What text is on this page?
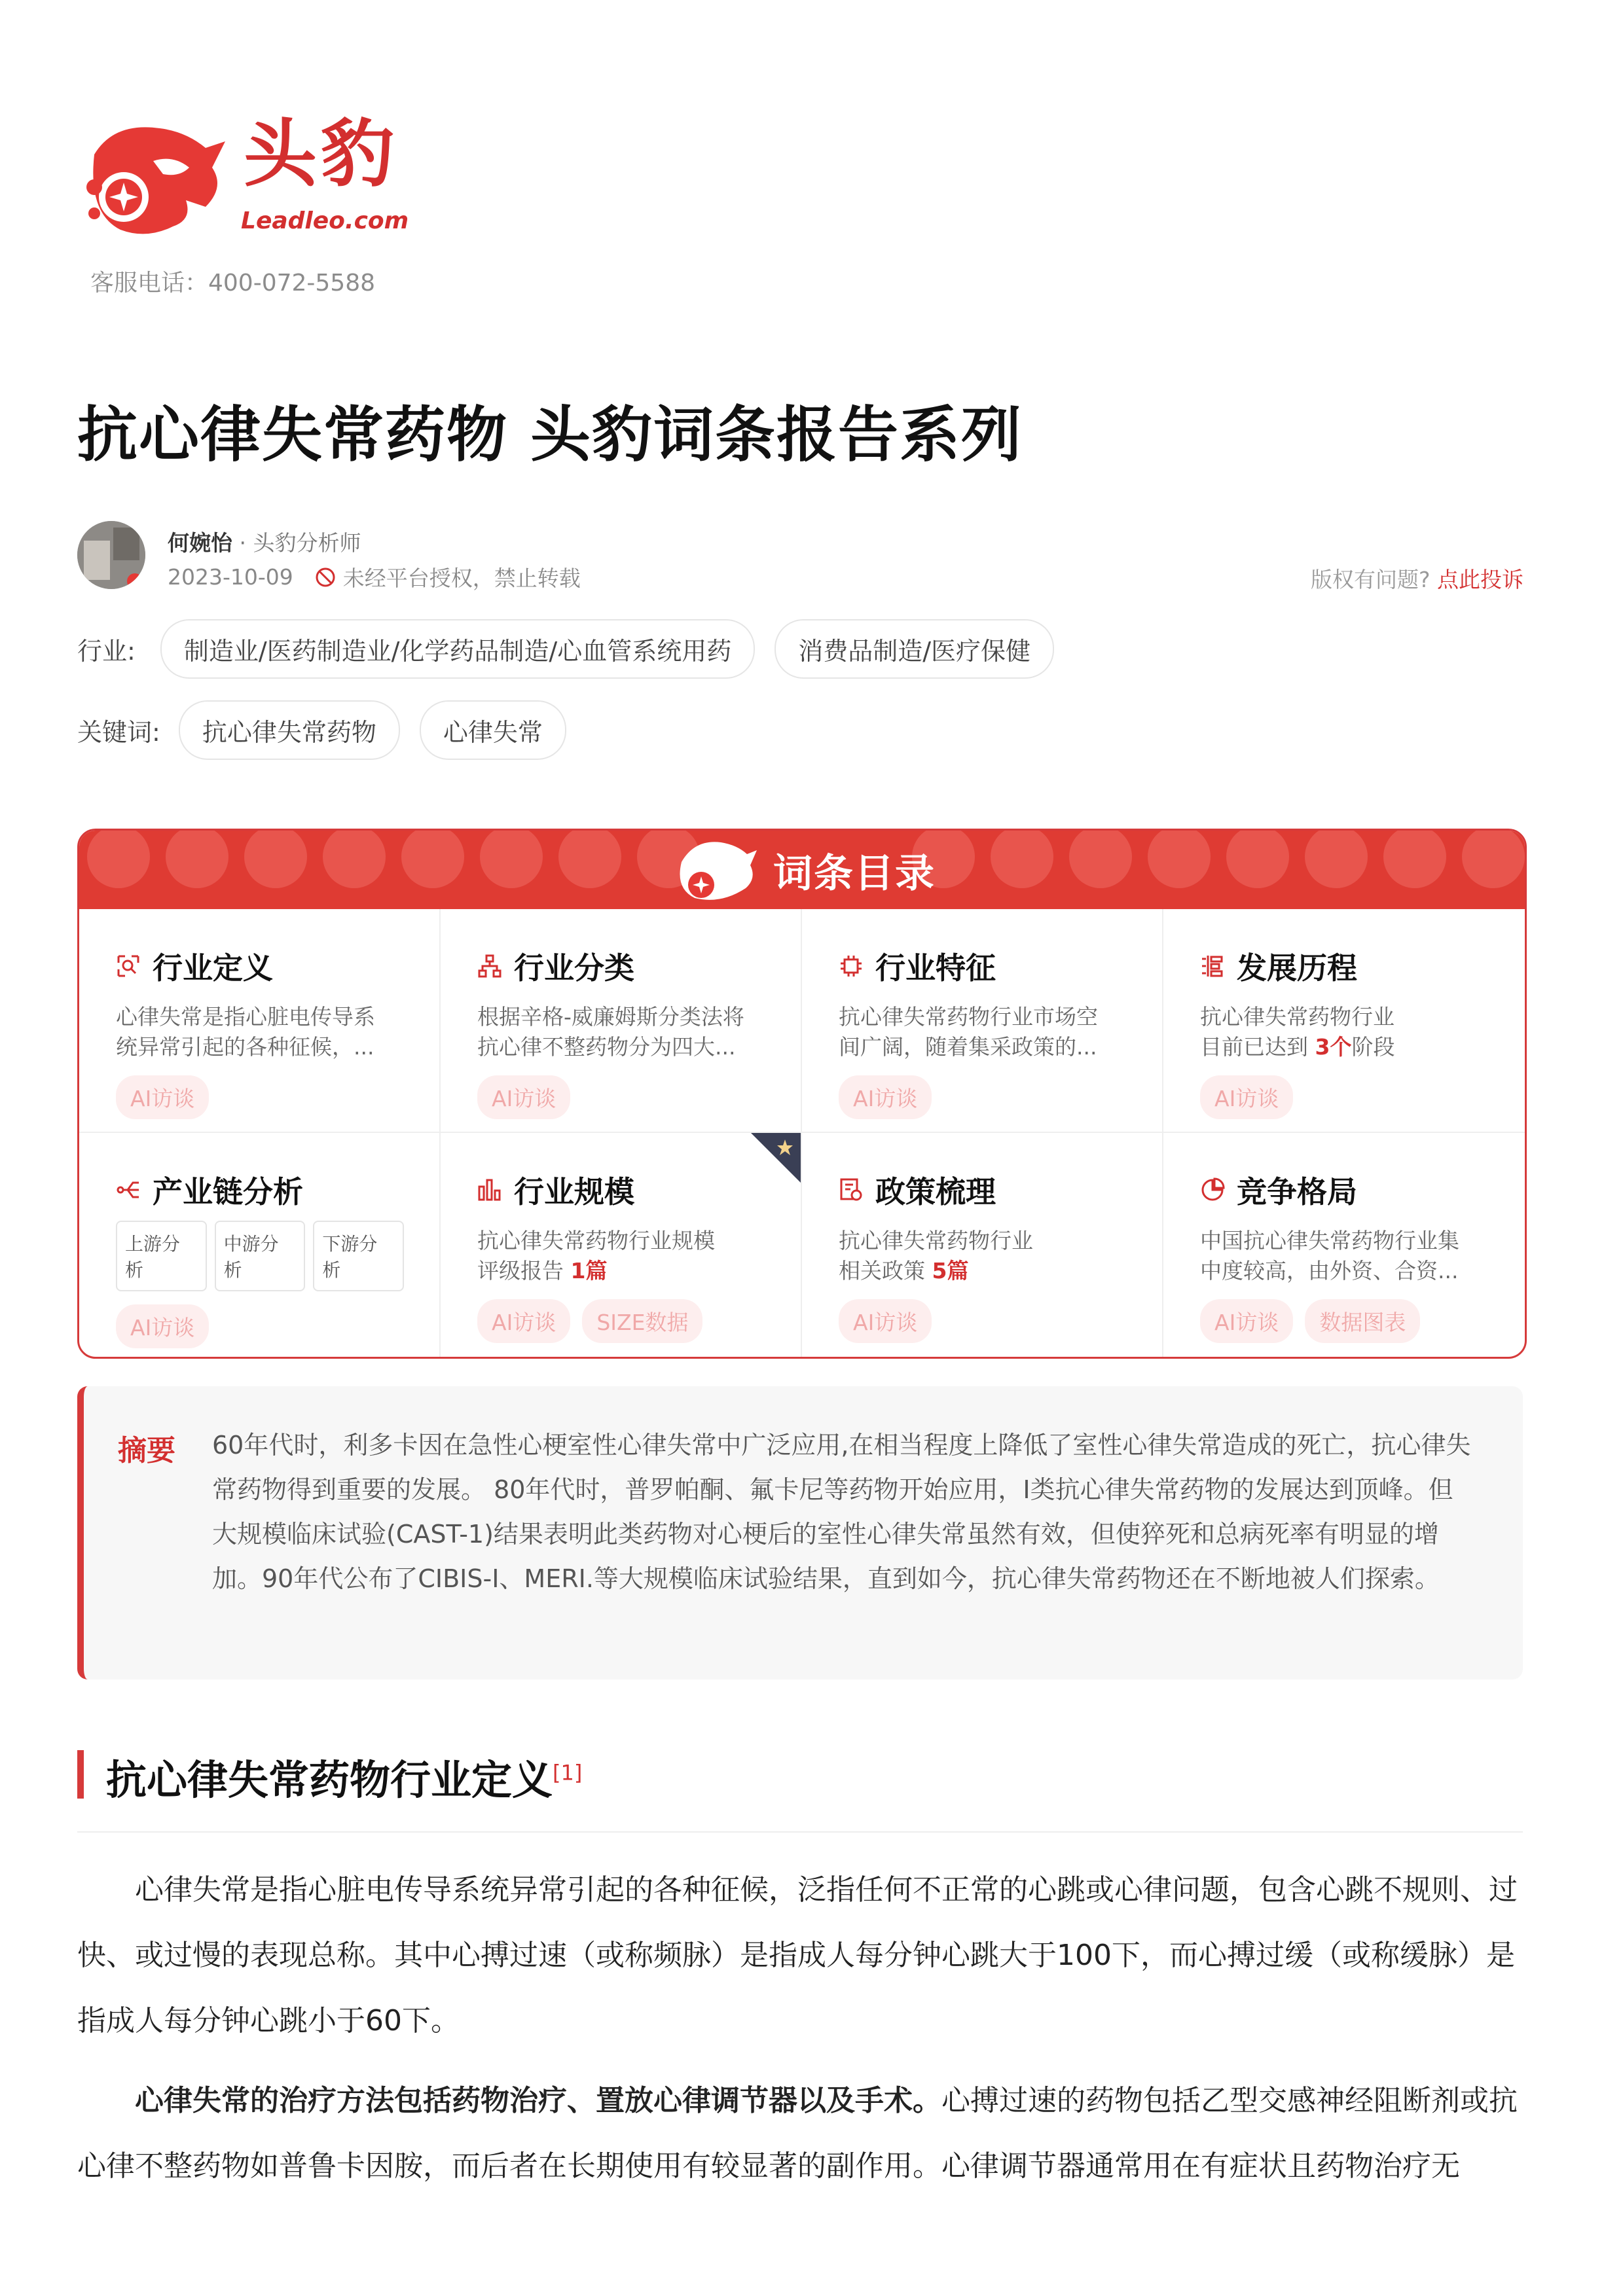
头豹
Leadleo.com
客服电话：400-072-5588
抗心律失常药物 头豹词条报告系列
何婉怡 · 头豹分析师
2023-10-09 未经平台授权，禁止转载	版权有问题? 点此投诉
行业:	制造业/医药制造业/化学药品制造/心血管系统用药	消费品制造/医疗保健
关键词:	抗心律失常药物	心律失常
词条目录
行业定义
心律失常是指心脏电传导系
统异常引起的各种征候，...
AI访谈
行业分类
根据辛格-威廉姆斯分类法将
抗心律不整药物分为四大...
AI访谈
行业特征
抗心律失常药物行业市场空
间广阔，随着集采政策的...
AI访谈
发展历程
抗心律失常药物行业
目前已达到 3个阶段
AI访谈
产业链分析
上游分析
中游分析
下游分析
AI访谈
行业规模
抗心律失常药物行业规模
评级报告 1篇
AI访谈	SIZE数据
政策梳理
抗心律失常药物行业
相关政策 5篇
AI访谈
竞争格局
中国抗心律失常药物行业集
中度较高，由外资、合资...
AI访谈	数据图表
摘要 60年代时，利多卡因在急性心梗室性心律失常中广泛应用,在相当程度上降低了室性心律失常造成的死亡，抗心律失常药物得到重要的发展。 80年代时，普罗帕酮、氟卡尼等药物开始应用，I类抗心律失常药物的发展达到顶峰。但大规模临床试验(CAST-1)结果表明此类药物对心梗后的室性心律失常虽然有效，但使猝死和总病死率有明显的增加。90年代公布了CIBIS-I、MERI.等大规模临床试验结果，直到如今，抗心律失常药物还在不断地被人们探索。
抗心律失常药物行业定义[1]
心律失常是指心脏电传导系统异常引起的各种征候，泛指任何不正常的心跳或心律问题，包含心跳不规则、过快、或过慢的表现总称。其中心搏过速（或称频脉）是指成人每分钟心跳大于100下，而心搏过缓（或称缓脉）是指成人每分钟心跳小于60下。
心律失常的治疗方法包括药物治疗、置放心律调节器以及手术。心搏过速的药物包括乙型交感神经阻断剂或抗心律不整药物如普鲁卡因胺，而后者在长期使用有较显著的副作用。心律调节器通常用在有症状且药物治疗无
